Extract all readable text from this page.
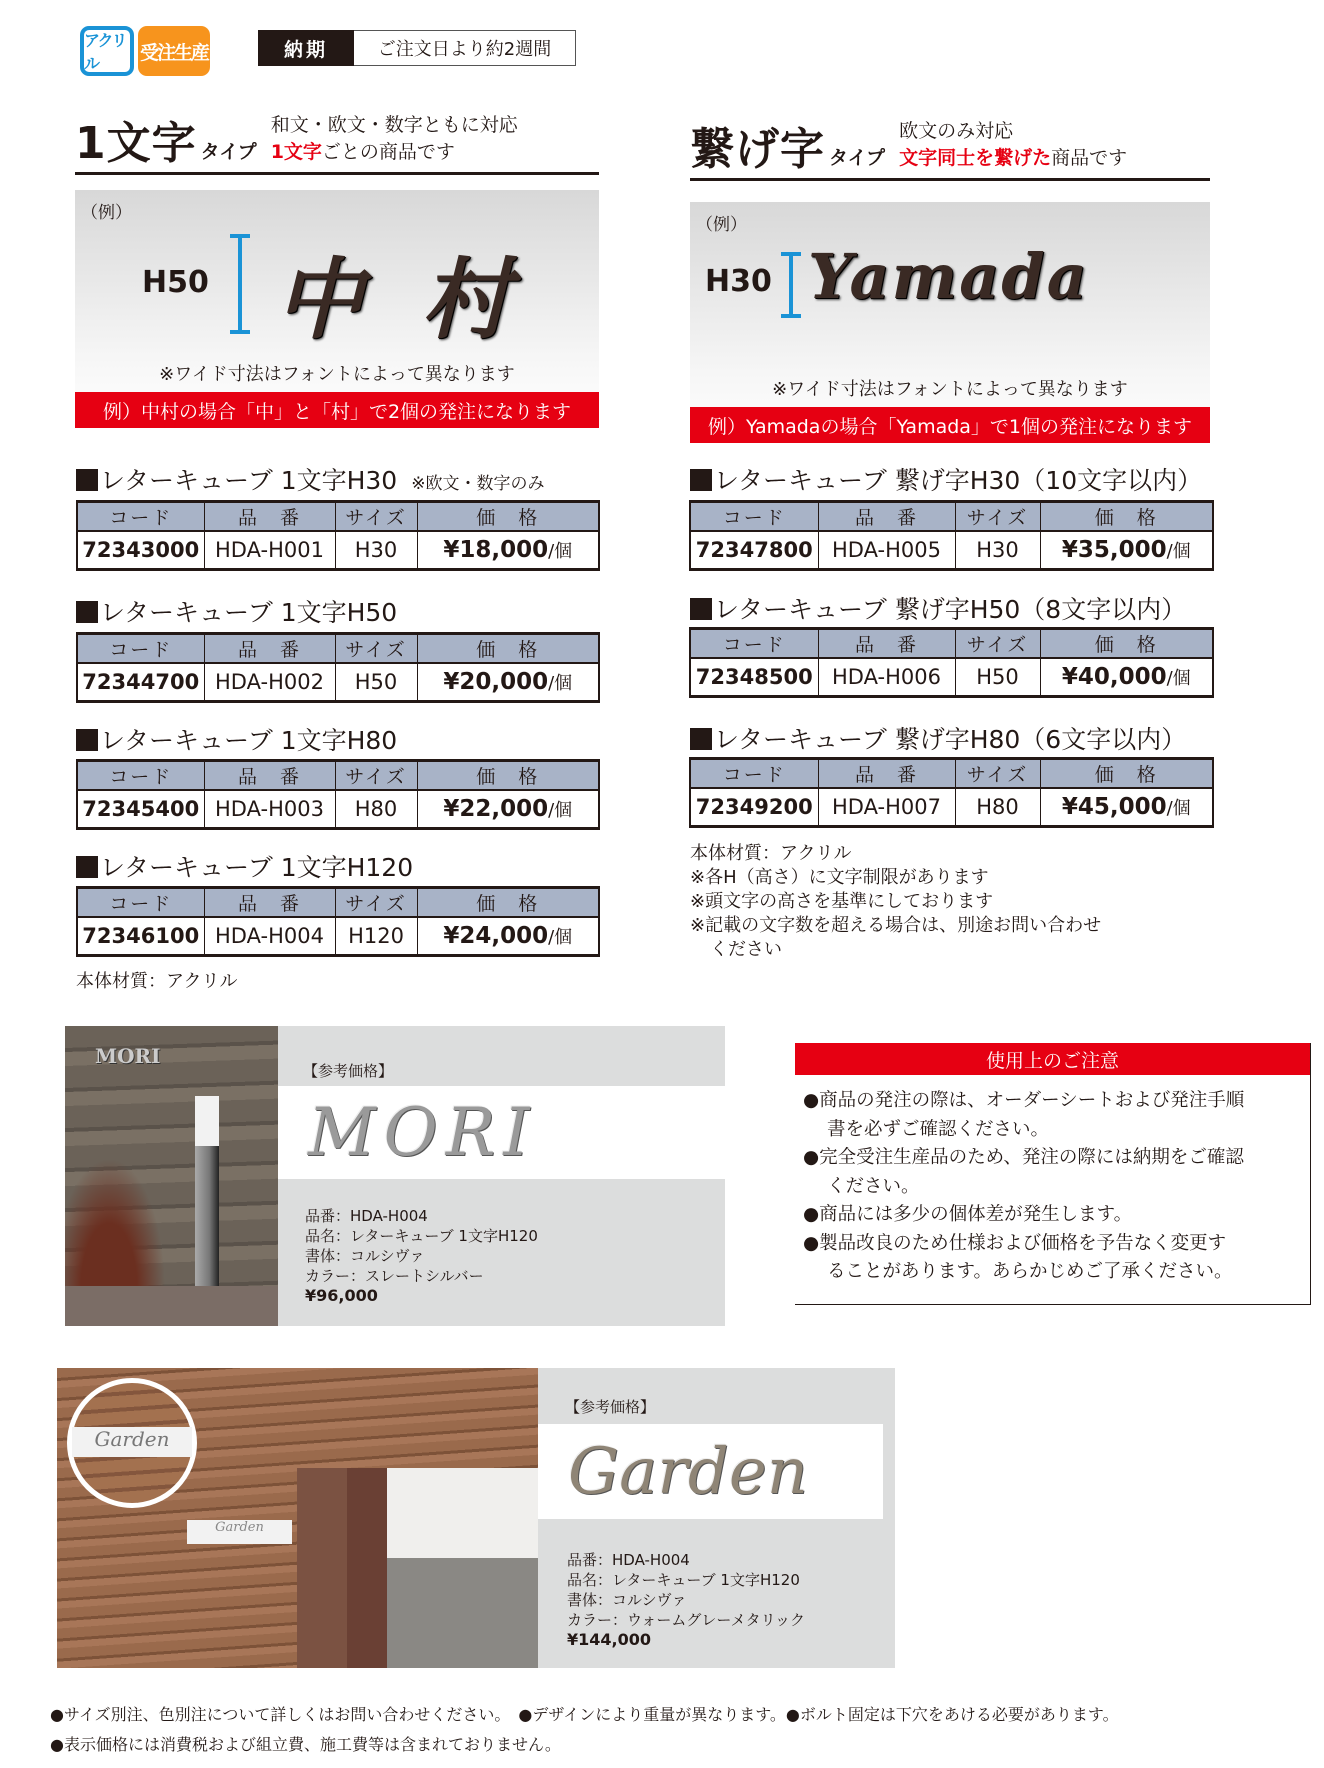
アクリル	受注生産	納期	ご注文日より約2週間
1文字 タイプ
和文・欧文・数字ともに対応
1文字ごとの商品です
（例）
H50 中 村
※ワイド寸法はフォントによって異なります
例）中村の場合「中」と「村」で2個の発注になります
繋げ字 タイプ
欧文のみ対応
文字同士を繋げた商品です
（例）
H30 Yamada
※ワイド寸法はフォントによって異なります
例）Yamadaの場合「Yamada」で1個の発注になります
レターキューブ 1文字H30 ※欧文・数字のみ
コード	品　番	サイズ	価　格
72343000	HDA-H001	H30	¥18,000/個
レターキューブ 1文字H50
コード	品　番	サイズ	価　格
72344700	HDA-H002	H50	¥20,000/個
レターキューブ 1文字H80
コード	品　番	サイズ	価　格
72345400	HDA-H003	H80	¥22,000/個
レターキューブ 1文字H120
コード	品　番	サイズ	価　格
72346100	HDA-H004	H120	¥24,000/個
本体材質：アクリル
レターキューブ 繋げ字H30（10文字以内）
コード	品　番	サイズ	価　格
72347800	HDA-H005	H30	¥35,000/個
レターキューブ 繋げ字H50（8文字以内）
コード	品　番	サイズ	価　格
72348500	HDA-H006	H50	¥40,000/個
レターキューブ 繋げ字H80（6文字以内）
コード	品　番	サイズ	価　格
72349200	HDA-H007	H80	¥45,000/個
本体材質：アクリル
※各H（高さ）に文字制限があります
※頭文字の高さを基準にしております
※記載の文字数を超える場合は、別途お問い合わせ
ください
MORI
【参考価格】
MORI
品番：HDA-H004
品名：レターキューブ 1文字H120
書体：コルシヴァ
カラー：スレートシルバー
¥96,000
使用上のご注意
●商品の発注の際は、オーダーシートおよび発注手順
書を必ずご確認ください。
●完全受注生産品のため、発注の際には納期をご確認
ください。
●商品には多少の個体差が発生します。
●製品改良のため仕様および価格を予告なく変更す
ることがあります。あらかじめご了承ください。
Garden
Garden
【参考価格】
Garden
品番：HDA-H004
品名：レターキューブ 1文字H120
書体：コルシヴァ
カラー：ウォームグレーメタリック
¥144,000
●サイズ別注、色別注について詳しくはお問い合わせください。　●デザインにより重量が異なります。●ボルト固定は下穴をあける必要があります。
●表示価格には消費税および組立費、施工費等は含まれておりません。
